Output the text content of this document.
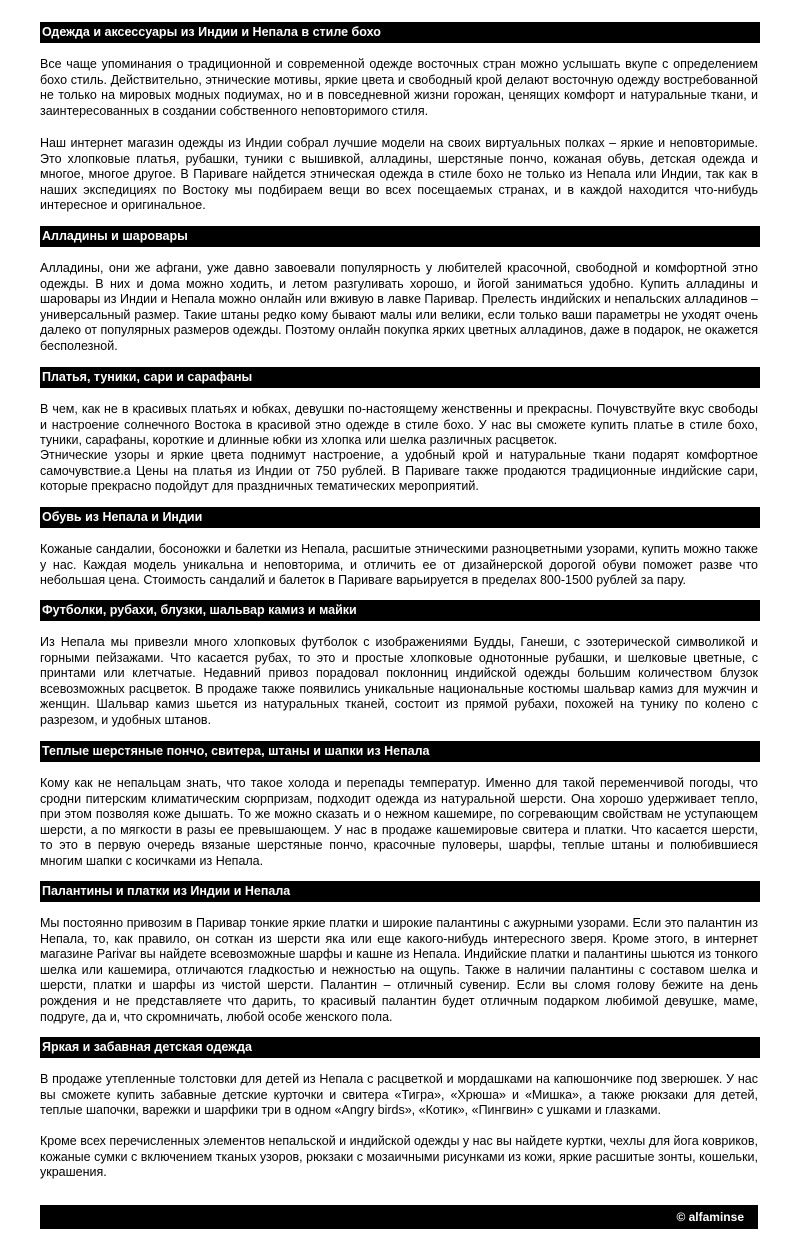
Одежда и аксессуары из Индии и Непала в стиле бохо

Все чаще упоминания о традиционной и современной одежде восточных стран можно услышать вкупе с определением бохо стиль. Действительно, этнические мотивы, яркие цвета и свободный крой делают восточную одежду востребованной не только на мировых модных подиумах, но и в повседневной жизни горожан, ценящих комфорт и натуральные ткани, и заинтересованных в создании собственного неповторимого стиля.

Наш интернет магазин одежды из Индии собрал лучшие модели на своих виртуальных полках – яркие и неповторимые. Это хлопковые платья, рубашки, туники с вышивкой, алладины, шерстяные пончо, кожаная обувь, детская одежда и многое, многое другое. В Паривare найдется этническая одежда в стиле бохо не только из Непала или Индии, так как в наших экспедициях по Востоку мы подбираем вещи во всех посещаемых странах, и в каждой находится что-нибудь интересное и оригинальное.

Алладины и шаровары

Алладины, они же афгани, уже давно завоевали популярность у любителей красочной, свободной и комфортной этно одежды. В них и дома можно ходить, и летом разгуливать хорошо, и йогой заниматься удобно. Купить алладины и шаровары из Индии и Непала можно онлайн или вживую в лавке Паривар. Прелесть индийских и непальских алладинов – универсальный размер. Такие штаны редко кому бывают малы или велики, если только ваши параметры не уходят очень далеко от популярных размеров одежды. Поэтому онлайн покупка ярких цветных алладинов, даже в подарок, не окажется бесполезной.

Платья, туники, сари и сарафаны

В чем, как не в красивых платьях и юбках, девушки по-настоящему женственны и прекрасны. Почувствуйте вкус свободы и настроение солнечного Востока в красивой этно одежде в стиле бохо. У нас вы сможете купить платье в стиле бохо, туники, сарафаны, короткие и длинные юбки из хлопка или шелка различных расцветок.

Этнические узоры и яркие цвета поднимут настроение, а удобный крой и натуральные ткани подарят комфортное самочувствие.а Цены на платья из Индии от 750 рублей. В Паривare также продаются традиционные индийские сари, которые прекрасно подойдут для праздничных тематических мероприятий.

Обувь из Непала и Индии

Кожаные сандалии, босоножки и балетки из Непала, расшитые этническими разноцветными узорами, купить можно также у нас. Каждая модель уникальна и неповторима, и отличить ее от дизайнерской дорогой обуви поможет разве что небольшая цена. Стоимость сандалий и балеток в Паривare варьируется в пределах 800-1500 рублей за пару.

Футболки, рубахи, блузки, шальвар камиз и майки

Из Непала мы привезли много хлопковых футболок с изображениями Будды, Ганеши, с эзотерической символикой и горными пейзажами. Что касается рубах, то это и простые хлопковые однотонные рубашки, и шелковые цветные, с принтами или клетчатые. Недавний привоз порадовал поклонниц индийской одежды большим количеством блузок всевозможных расцветок. В продаже также появились уникальные национальные костюмы шальвар камиз для мужчин и женщин. Шальвар камиз шьется из натуральных тканей, состоит из прямой рубахи, похожей на тунику по колено с разрезом, и удобных штанов.

Теплые шерстяные пончо, свитера, штаны и шапки из Непала

Кому как не непальцам знать, что такое холода и перепады температур. Именно для такой переменчивой погоды, что сродни питерским климатическим сюрпризам, подходит одежда из натуральной шерсти. Она хорошо удерживает тепло, при этом позволяя коже дышать. То же можно сказать и о нежном кашемире, по согревающим свойствам не уступающем шерсти, а по мягкости в разы ее превышающем. У нас в продаже кашемировые свитера и платки. Что касается шерсти, то это в первую очередь вязаные шерстяные пончо, красочные пуловеры, шарфы, теплые штаны и полюбившиеся многим шапки с косичками из Непала.

Палантины и платки из Индии и Непала

Мы постоянно привозим в Паривар тонкие яркие платки и широкие палантины с ажурными узорами. Если это палантин из Непала, то, как правило, он соткан из шерсти яка или еще какого-нибудь интересного зверя. Кроме этого, в интернет магазине Parivar вы найдете всевозможные шарфы и кашне из Непала. Индийские платки и палантины шьются из тонкого шелка или кашемира, отличаются гладкостью и нежностью на ощупь. Также в наличии палантины с составом шелка и шерсти, платки и шарфы из чистой шерсти. Палантин – отличный сувенир. Если вы сломя голову бежите на день рождения и не представляете что дарить, то красивый палантин будет отличным подарком любимой девушке, маме, подруге, да и, что скромничать, любой особе женского пола.

Яркая и забавная детская одежда

В продаже утепленные толстовки для детей из Непала с расцветкой и мордашками на капюшончике под зверюшек. У нас вы сможете купить забавные детские курточки и свитера «Тигра», «Хрюша» и «Мишка», а также рюкзаки для детей, теплые шапочки, варежки и шарфики три в одном «Angry birds», «Котик», «Пингвин» с ушками и глазками.

Кроме всех перечисленных элементов непальской и индийской одежды у нас вы найдете куртки, чехлы для йога ковриков, кожаные сумки с включением тканых узоров, рюкзаки с мозаичными рисунками из кожи, яркие расшитые зонты, кошельки, украшения.

© alfaminse
